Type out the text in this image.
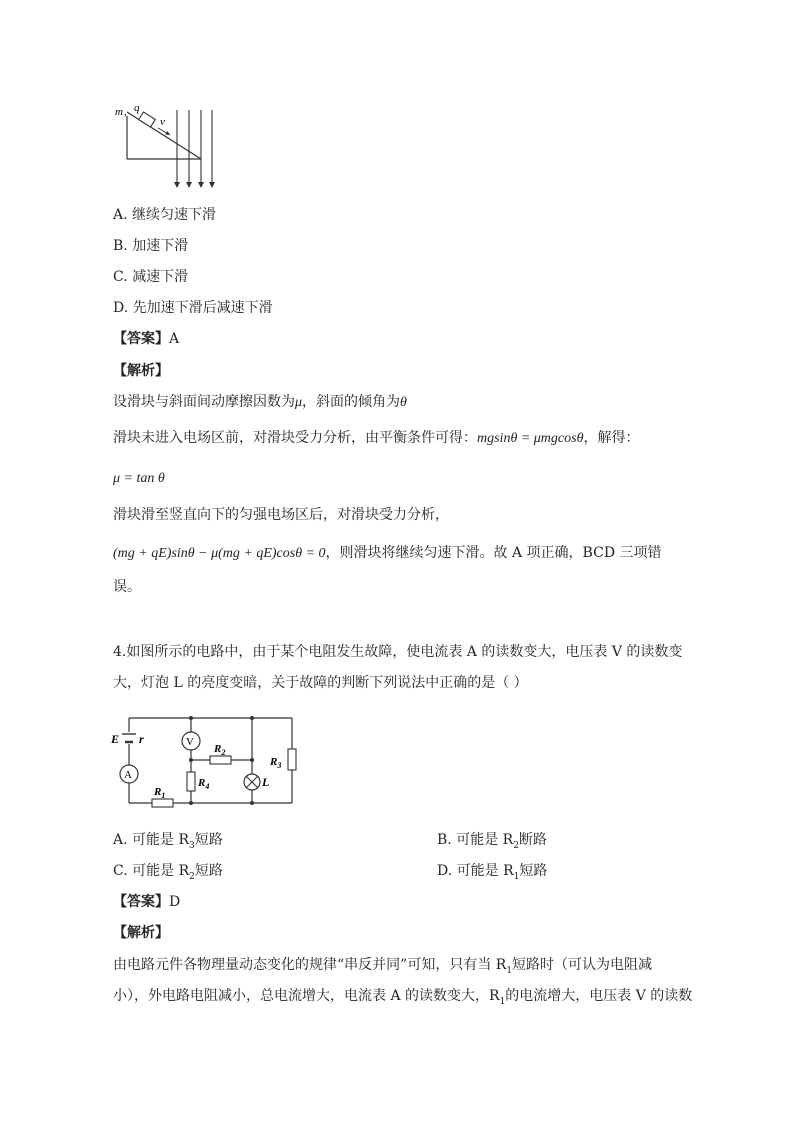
m , q
v
A. 继续匀速下滑
B. 加速下滑
C. 减速下滑
D. 先加速下滑后减速下滑
【答案】A
【解析】
设滑块与斜面间动摩擦因数为μ，斜面的倾角为θ
滑块未进入电场区前，对滑块受力分析，由平衡条件可得：mgsinθ = μmgcosθ，解得：
μ = tan θ
滑块滑至竖直向下的匀强电场区后，对滑块受力分析，
(mg + qE)sinθ − μ(mg + qE)cosθ = 0，则滑块将继续匀速下滑。故 A 项正确，BCD 三项错
误。
4.如图所示的电路中，由于某个电阻发生故障，使电流表 A 的读数变大，电压表 V 的读数变
大，灯泡 L 的亮度变暗，关于故障的判断下列说法中正确的是（ ）
E r
A
V
$R_1$
$R_2$
$R_3$
$R_4$	L
A. 可能是 $R_3$短路	B. 可能是 $R_2$断路
C. 可能是 $R_2$短路	D. 可能是 $R_1$短路
【答案】D
【解析】
由电路元件各物理量动态变化的规律“串反并同”可知，只有当 $R_1$短路时（可认为电阻减
小），外电路电阻减小，总电流增大，电流表 A 的读数变大，$R_1$的电流增大，电压表 V 的读数
